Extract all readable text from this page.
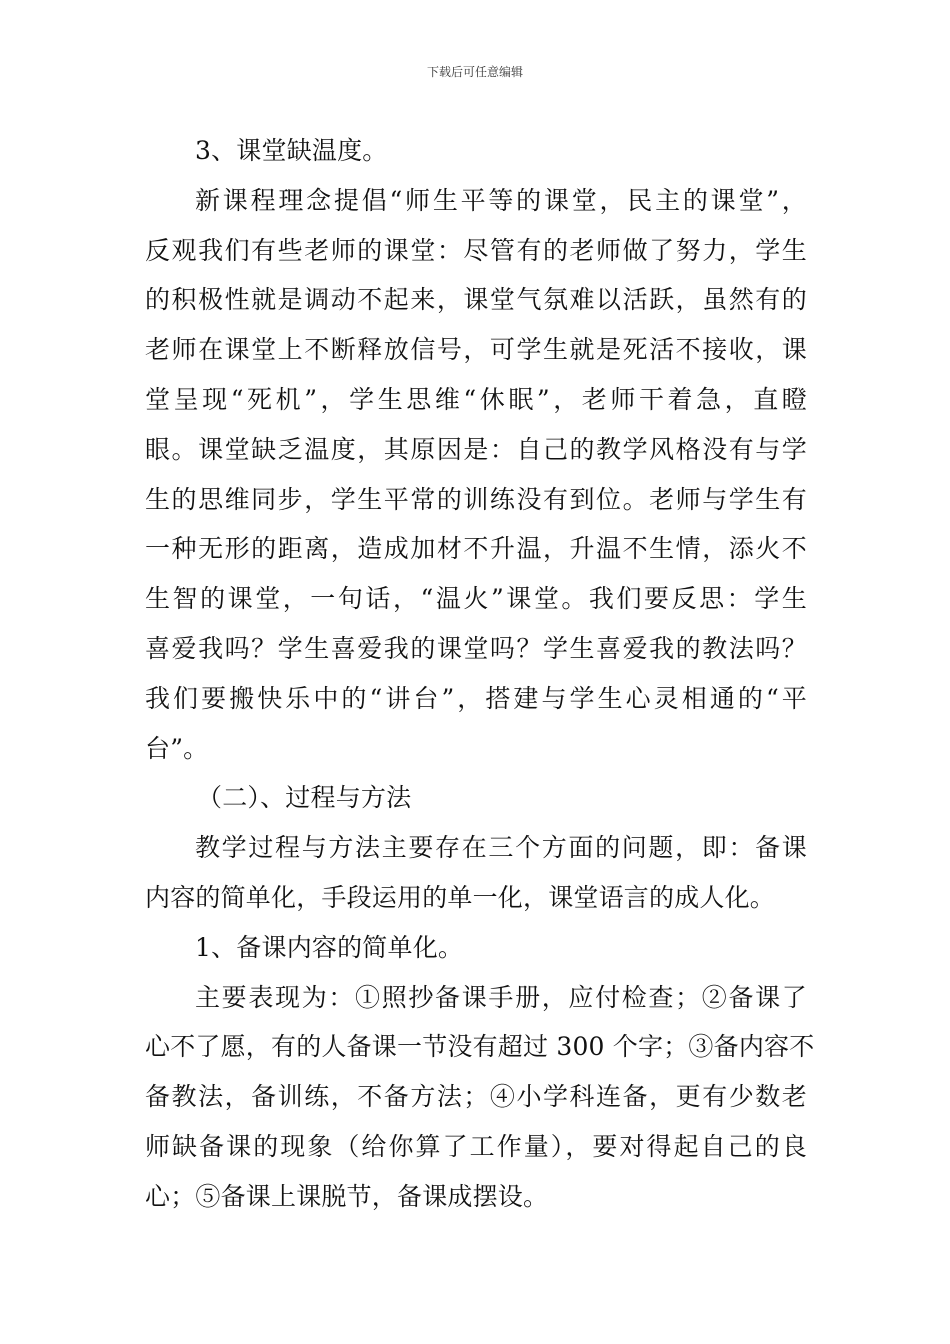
下载后可任意编辑
3、课堂缺温度。
新课程理念提倡“师生平等的课堂，民主的课堂”，
反观我们有些老师的课堂：尽管有的老师做了努力，学生
的积极性就是调动不起来，课堂气氛难以活跃，虽然有的
老师在课堂上不断释放信号，可学生就是死活不接收，课
堂呈现“死机”，学生思维“休眠”，老师干着急，直瞪
眼。课堂缺乏温度，其原因是：自己的教学风格没有与学
生的思维同步，学生平常的训练没有到位。老师与学生有
一种无形的距离，造成加材不升温，升温不生情，添火不
生智的课堂，一句话，“温火”课堂。我们要反思：学生
喜爱我吗？学生喜爱我的课堂吗？学生喜爱我的教法吗？
我们要搬快乐中的“讲台”，搭建与学生心灵相通的“平
台”。
（二）、过程与方法
教学过程与方法主要存在三个方面的问题，即：备课
内容的简单化，手段运用的单一化，课堂语言的成人化。
1、备课内容的简单化。
主要表现为：①照抄备课手册，应付检查；②备课了
心不了愿，有的人备课一节没有超过 300 个字；③备内容不
备教法，备训练，不备方法；④小学科连备，更有少数老
师缺备课的现象（给你算了工作量），要对得起自己的良
心；⑤备课上课脱节，备课成摆设。
